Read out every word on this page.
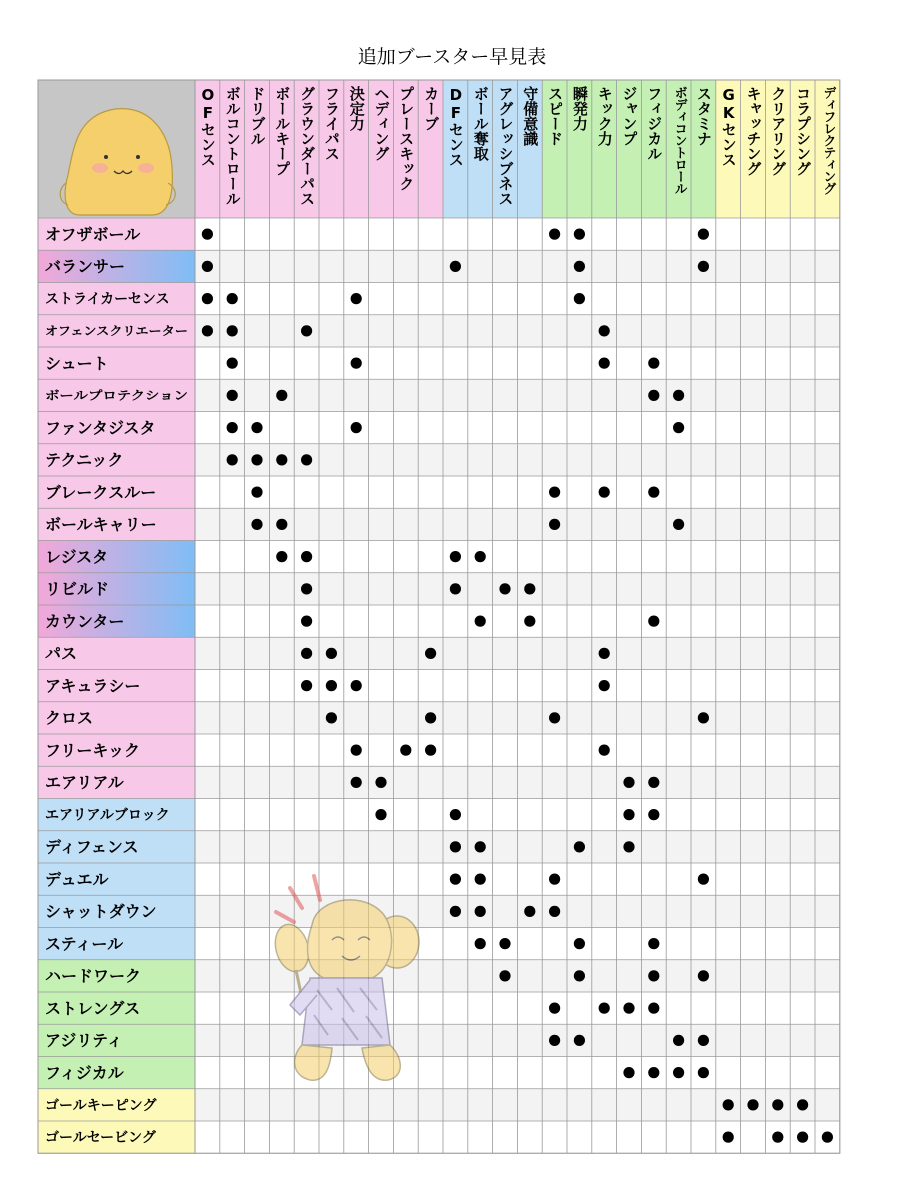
追加ブースター早見表
OFセンス ボルコントロール ドリブル ボールキープ グラウンダーパス フライパス 決定力 ヘディング プレースキック カーブ DFセンス ボール奪取 アグレッシブネス 守備意識 スピード 瞬発力 キック力 ジャンプ フィジカル ボディコントロール スタミナ GKセンス キャッチング クリアリング コラプシング ディフレクティング
オフザボール
バランサー
ストライカーセンス
オフェンスクリエーター
シュート
ボールプロテクション
ファンタジスタ
テクニック
ブレークスルー
ボールキャリー
レジスタ
リビルド
カウンター
パス
アキュラシー
クロス
フリーキック
エアリアル
エアリアルブロック
ディフェンス
デュエル
シャットダウン
スティール
ハードワーク
ストレングス
アジリティ
フィジカル
ゴールキーピング
ゴールセービング
